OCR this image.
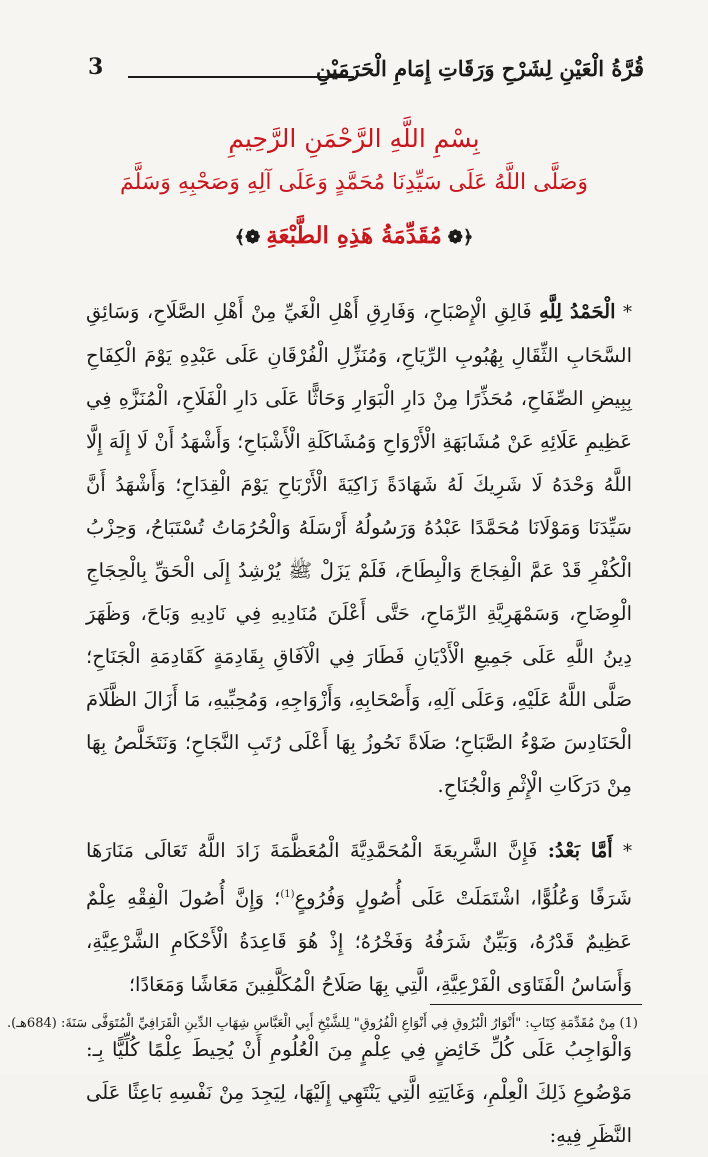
قُرَّةُ الْعَيْنِ لِشَرْحِ وَرَقَاتِ إِمَامِ الْحَرَمَيْنِ
3
بِسْمِ اللَّهِ الرَّحْمَنِ الرَّحِيمِ
وَصَلَّى اللَّهُ عَلَى سَيِّدِنَا مُحَمَّدٍ وَعَلَى آلِهِ وَصَحْبِهِ وَسَلَّمَ
﴿❁مُقَدِّمَةُ هَذِهِ الطَّبْعَةِ❁﴾

* الْحَمْدُ لِلَّهِ فَالِقِ الْإِصْبَاحِ، وَفَارِقِ أَهْلِ الْغَيِّ مِنْ أَهْلِ الصَّلَاحِ، وَسَائِقِ السَّحَابِ الثِّقَالِ بِهُبُوبِ الرِّيَاحِ، وَمُنَزِّلِ الْفُرْقَانِ عَلَى عَبْدِهِ يَوْمَ الْكِفَاحِ بِبِيضِ الصِّفَاحِ، مُحَذِّرًا مِنْ دَارِ الْبَوَارِ وَحَاثًّا عَلَى دَارِ الْفَلَاحِ، الْمُنَزَّهِ فِي عَظِيمِ عَلَائِهِ عَنْ مُشَابَهَةِ الْأَرْوَاحِ وَمُشَاكَلَةِ الْأَشْبَاحِ؛ وَأَشْهَدُ أَنْ لَا إِلَهَ إِلَّا اللَّهُ وَحْدَهُ لَا شَرِيكَ لَهُ شَهَادَةً زَاكِيَةَ الْأَرْبَاحِ يَوْمَ الْقِدَاحِ؛ وَأَشْهَدُ أَنَّ سَيِّدَنَا وَمَوْلَانَا مُحَمَّدًا عَبْدُهُ وَرَسُولُهُ أَرْسَلَهُ وَالْحُرُمَاتُ تُسْتَبَاحُ، وَحِزْبُ الْكُفْرِ قَدْ عَمَّ الْفِجَاجَ وَالْبِطَاحَ، فَلَمْ يَزَلْ ﷺ يُرْشِدُ إِلَى الْحَقِّ بِالْحِجَاجِ الْوِضَاحِ، وَسَمْهَرِيَّةِ الرِّمَاحِ، حَتَّى أَعْلَنَ مُنَادِيهِ فِي نَادِيهِ وَبَاحَ، وَظَهَرَ دِينُ اللَّهِ عَلَى جَمِيعِ الْأَدْيَانِ فَطَارَ فِي الْآفَاقِ بِقَادِمَةٍ كَقَادِمَةِ الْجَنَاحِ؛ صَلَّى اللَّهُ عَلَيْهِ، وَعَلَى آلِهِ، وَأَصْحَابِهِ، وَأَزْوَاجِهِ، وَمُحِبِّيهِ، مَا أَزَالَ الظَّلَامَ الْحَنَادِسَ ضَوْءُ الصَّبَاحِ؛ صَلَاةً نَحُوزُ بِهَا أَعْلَى رُتَبِ النَّجَاحِ؛ وَنَتَخَلَّصُ بِهَا مِنْ دَرَكَاتِ الْإِثْمِ وَالْجُنَاحِ.

* أَمَّا بَعْدُ: فَإِنَّ الشَّرِيعَةَ الْمُحَمَّدِيَّةَ الْمُعَظَّمَةَ زَادَ اللَّهُ تَعَالَى مَنَارَهَا شَرَفًا وَعُلُوًّا، اشْتَمَلَتْ عَلَى أُصُولٍ وَفُرُوعٍ$^{(1)}$؛ وَإِنَّ أُصُولَ الْفِقْهِ عِلْمٌ عَظِيمٌ قَدْرُهُ، وَبَيِّنٌ شَرَفُهُ وَفَخْرُهُ؛ إِذْ هُوَ قَاعِدَةُ الْأَحْكَامِ الشَّرْعِيَّةِ، وَأَسَاسُ الْفَتَاوَى الْفَرْعِيَّةِ، الَّتِي بِهَا صَلَاحُ الْمُكَلَّفِينَ مَعَاشًا وَمَعَادًا؛

وَالْوَاجِبُ عَلَى كُلِّ خَائِضٍ فِي عِلْمٍ مِنَ الْعُلُومِ أَنْ يُحِيطَ عِلْمًا كُلِّيًّا بِـ: مَوْضُوعِ ذَلِكَ الْعِلْمِ، وَغَايَتِهِ الَّتِي يَنْتَهِي إِلَيْهَا، لِيَجِدَ مِنْ نَفْسِهِ بَاعِثًا عَلَى النَّظَرِ فِيهِ:

(1) مِنْ مُقَدِّمَةِ كِتَابِ: "أَنْوَارُ الْبُرُوقِ فِي أَنْوَاعِ الْفُرُوقِ" لِلشَّيْخِ أَبِي الْعَبَّاسِ شِهَابِ الدِّينِ الْقَرَافِيِّ الْمُتَوَفَّى سَنَةَ: (684هـ).
